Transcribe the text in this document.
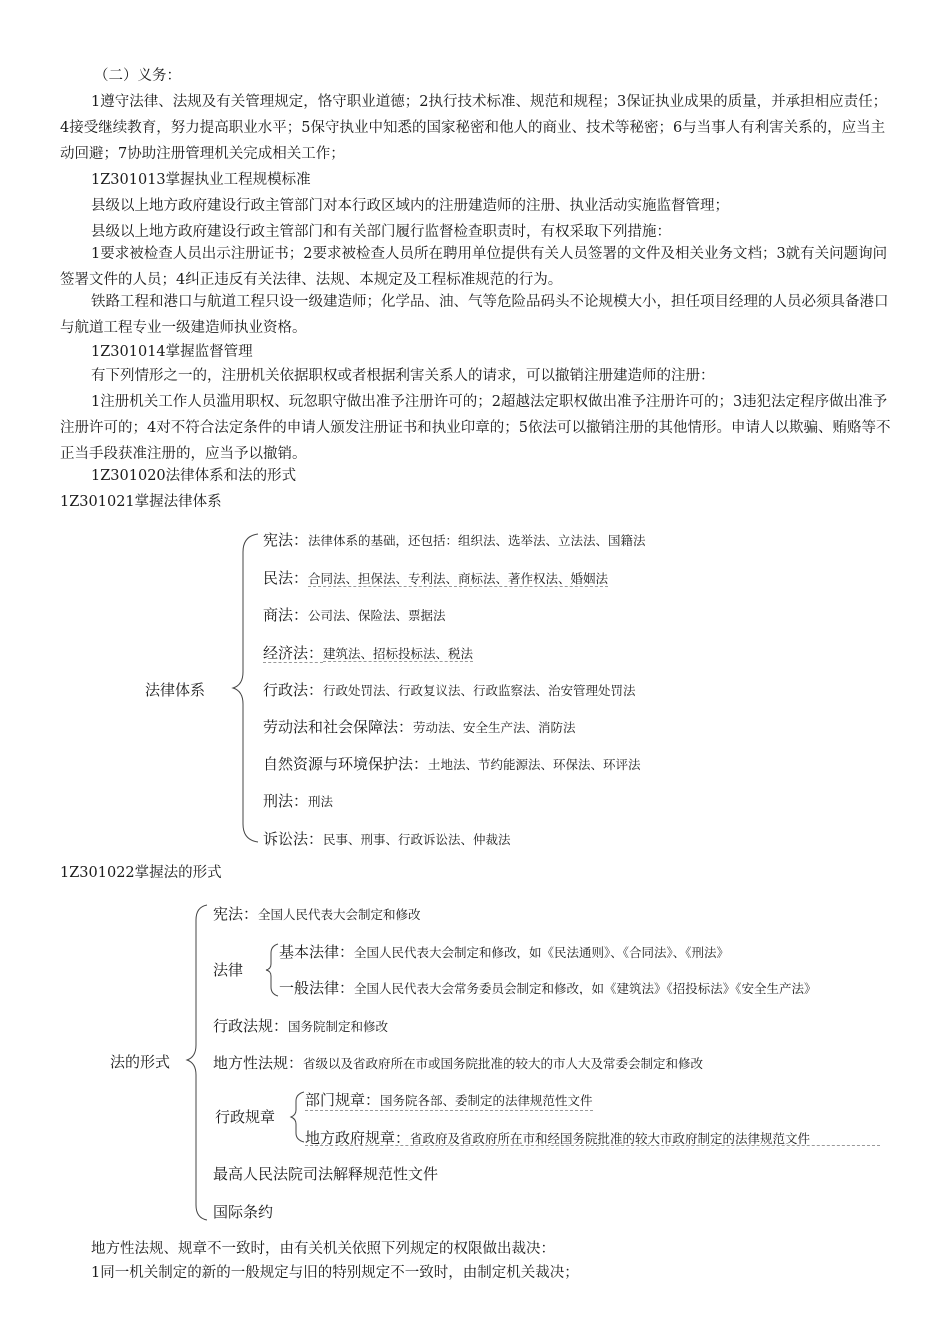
（二）义务：

1遵守法律、法规及有关管理规定，恪守职业道德；2执行技术标准、规范和规程；3保证执业成果的质量，并承担相应责任；4接受继续教育，努力提高职业水平；5保守执业中知悉的国家秘密和他人的商业、技术等秘密；6与当事人有利害关系的，应当主动回避；7协助注册管理机关完成相关工作；

1Z301013掌握执业工程规模标准

县级以上地方政府建设行政主管部门对本行政区域内的注册建造师的注册、执业活动实施监督管理；

县级以上地方政府建设行政主管部门和有关部门履行监督检查职责时，有权采取下列措施：

1要求被检查人员出示注册证书；2要求被检查人员所在聘用单位提供有关人员签署的文件及相关业务文档；3就有关问题询问签署文件的人员；4纠正违反有关法律、法规、本规定及工程标准规范的行为。

铁路工程和港口与航道工程只设一级建造师；化学品、油、气等危险品码头不论规模大小，担任项目经理的人员必须具备港口与航道工程专业一级建造师执业资格。

1Z301014掌握监督管理

有下列情形之一的，注册机关依据职权或者根据利害关系人的请求，可以撤销注册建造师的注册：

1注册机关工作人员滥用职权、玩忽职守做出准予注册许可的；2超越法定职权做出准予注册许可的；3违犯法定程序做出准予注册许可的；4对不符合法定条件的申请人颁发注册证书和执业印章的；5依法可以撤销注册的其他情形。申请人以欺骗、贿赂等不正当手段获准注册的，应当予以撤销。

1Z301020法律体系和法的形式

1Z301021掌握法律体系

法律体系
宪法：法律体系的基础，还包括：组织法、选举法、立法法、国籍法
民法：合同法、担保法、专利法、商标法、著作权法、婚姻法
商法：公司法、保险法、票据法
经济法：建筑法、招标投标法、税法
行政法：行政处罚法、行政复议法、行政监察法、治安管理处罚法
劳动法和社会保障法：劳动法、安全生产法、消防法
自然资源与环境保护法：土地法、节约能源法、环保法、环评法
刑法：刑法
诉讼法：民事、刑事、行政诉讼法、仲裁法

1Z301022掌握法的形式

法的形式
宪法：全国人民代表大会制定和修改
法律
基本法律：全国人民代表大会制定和修改，如《民法通则》、《合同法》、《刑法》
一般法律：全国人民代表大会常务委员会制定和修改，如《建筑法》《招投标法》《安全生产法》
行政法规：国务院制定和修改
地方性法规：省级以及省政府所在市或国务院批准的较大的市人大及常委会制定和修改
行政规章
部门规章：国务院各部、委制定的法律规范性文件
地方政府规章：省政府及省政府所在市和经国务院批准的较大市政府制定的法律规范文件
最高人民法院司法解释规范性文件
国际条约

地方性法规、规章不一致时，由有关机关依照下列规定的权限做出裁决：

1同一机关制定的新的一般规定与旧的特别规定不一致时，由制定机关裁决；
